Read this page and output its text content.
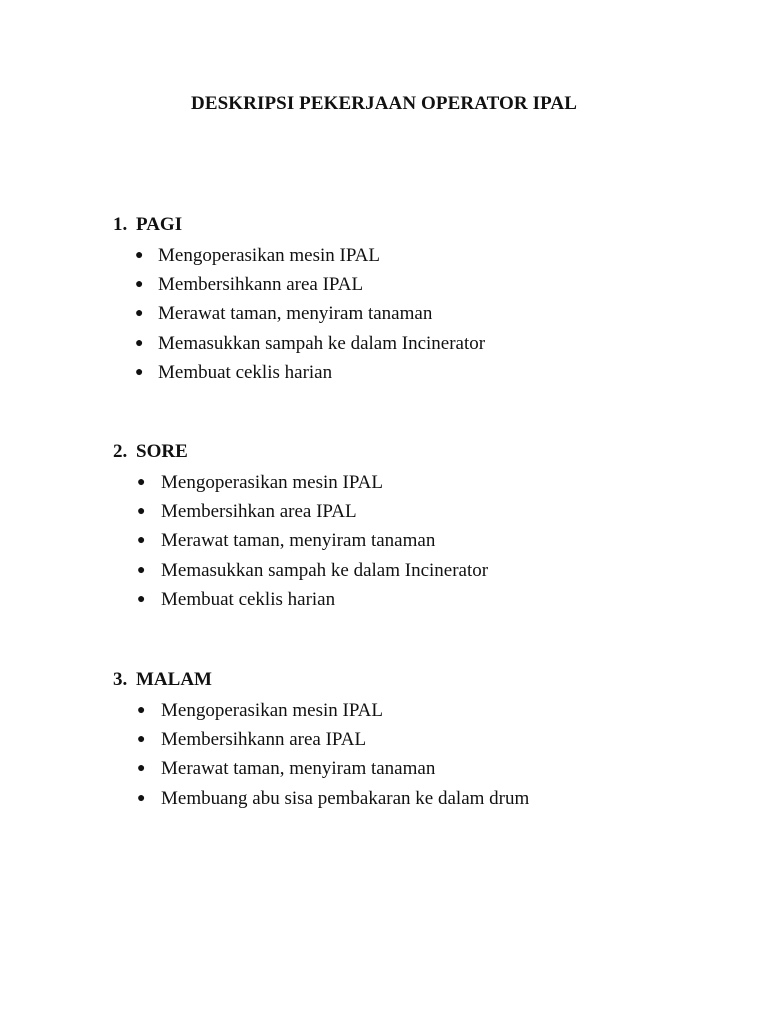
DESKRIPSI PEKERJAAN OPERATOR IPAL
1. PAGI
● Mengoperasikan mesin IPAL
● Membersihkann area IPAL
● Merawat taman, menyiram tanaman
● Memasukkan sampah ke dalam Incinerator
● Membuat ceklis harian
2. SORE
● Mengoperasikan mesin IPAL
● Membersihkan area IPAL
● Merawat taman, menyiram tanaman
● Memasukkan sampah ke dalam Incinerator
● Membuat ceklis harian
3. MALAM
● Mengoperasikan mesin IPAL
● Membersihkann area IPAL
● Merawat taman, menyiram tanaman
● Membuang abu sisa pembakaran ke dalam drum
